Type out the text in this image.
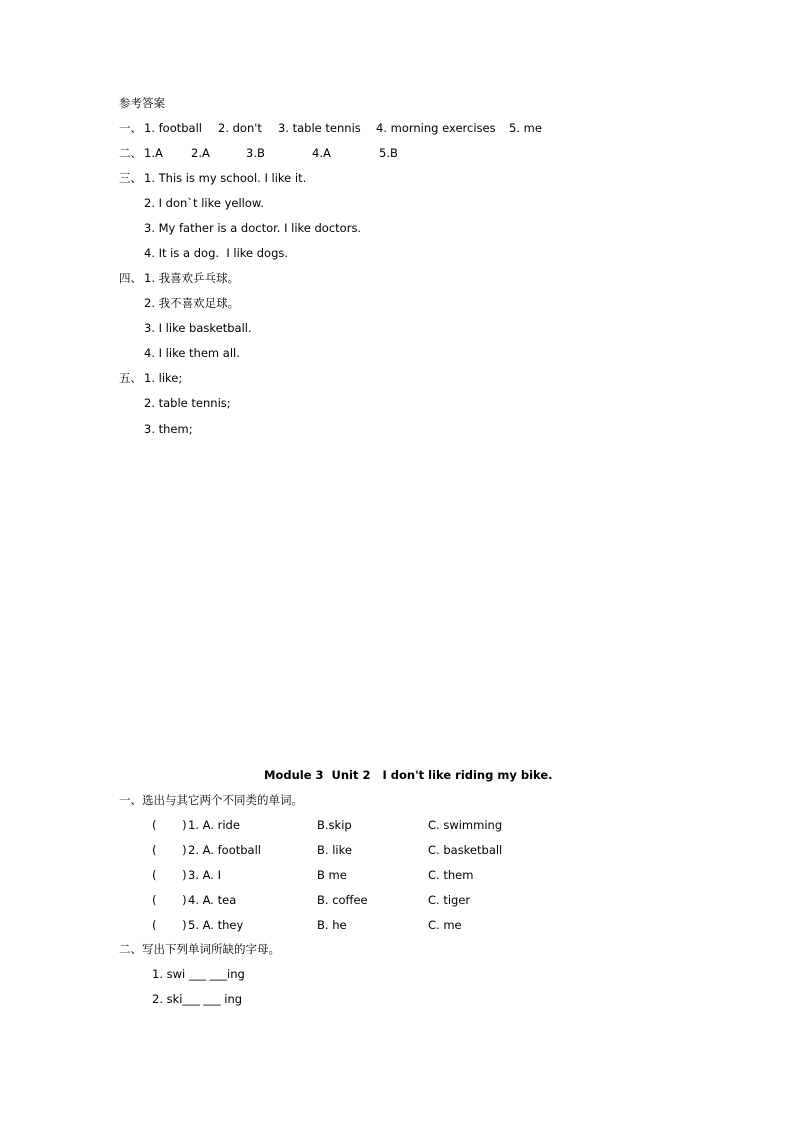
参考答案
一、 1. football 2. don't 3. table tennis 4. morning exercises 5. me
二、 1.A 2.A	3.B	4.A	5.B
三、 1. This is my school. I like it.
2. I don`t like yellow.
3. My father is a doctor. I like doctors.
4. It is a dog.  I like dogs.
四、 1. 我喜欢乒乓球。
2. 我不喜欢足球。
3. I like basketball.
4. I like them all.
五、 1. like;
2. table tennis;
3. them;
Module 3  Unit 2   I don't like riding my bike.
一、选出与其它两个不同类的单词。
(       ) 1. A. ride	B.skip	C. swimming
(       ) 2. A. football	B. like	C. basketball
(       ) 3. A. I	B me	C. them
(       ) 4. A. tea	B. coffee	C. tiger
(       ) 5. A. they	B. he	C. me
二、写出下列单词所缺的字母。
1. swi ___ ___ing
2. ski___ ___ ing
